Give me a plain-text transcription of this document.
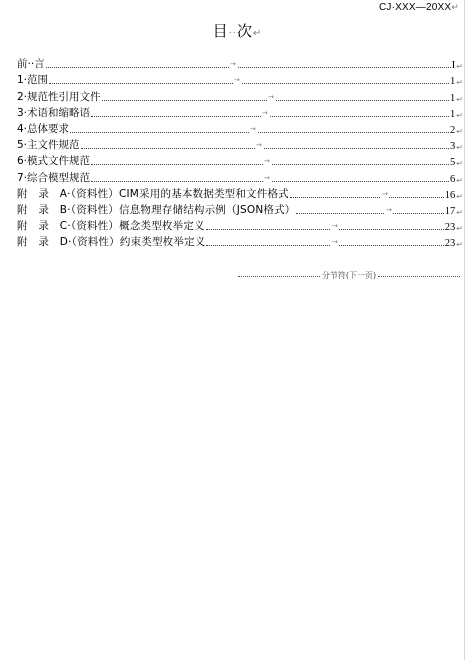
CJ·XXX—20XX↵
目··次↵
前··言	→	I ↵
1·范围	→	1 ↵
2·规范性引用文件	→	1 ↵
3·术语和缩略语	→	1 ↵
4·总体要求	→	2 ↵
5·主文件规范	→	3 ↵
6·模式文件规范	→	5 ↵
7·综合模型规范	→	6 ↵
附　录　A·（资料性）CIM采用的基本数据类型和文件格式	→	16 ↵
附　录　B·（资料性）信息物理存储结构示例（JSON格式）	→	17 ↵
附　录　C·（资料性）概念类型枚举定义	→	23 ↵
附　录　D·（资料性）约束类型枚举定义	→	23 ↵
分节符(下一页)
